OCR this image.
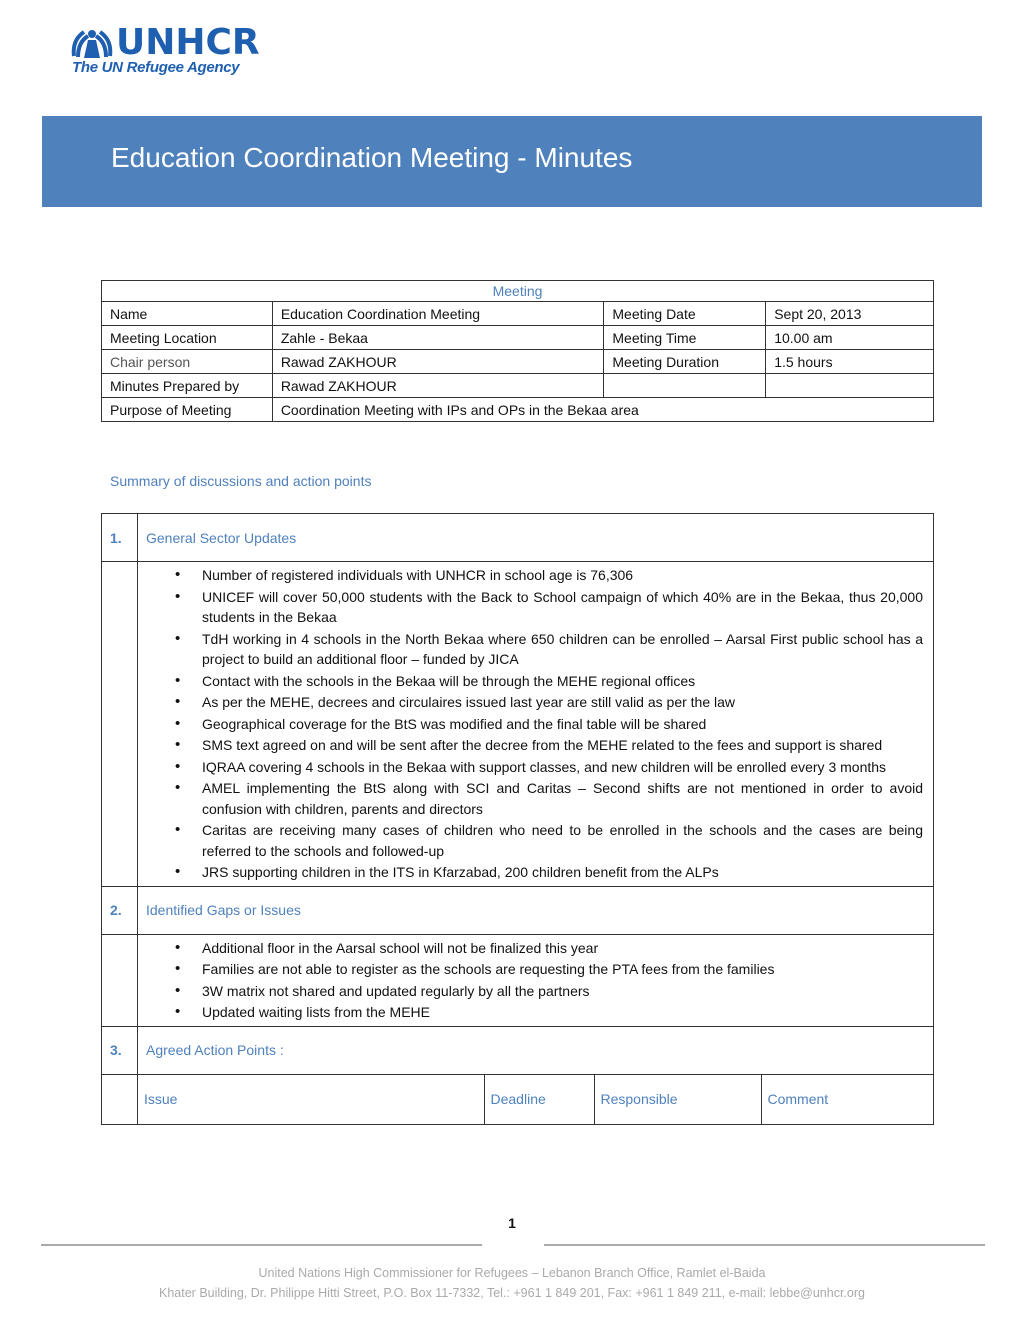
UNHCR
The UN Refugee Agency
Education Coordination Meeting - Minutes
Meeting			
Name	Education Coordination Meeting	Meeting Date	Sept 20, 2013
Meeting Location	Zahle - Bekaa	Meeting Time	10.00 am
Chair person	Rawad ZAKHOUR	Meeting Duration	1.5 hours
Minutes Prepared by	Rawad ZAKHOUR		
Purpose of Meeting	Coordination Meeting with IPs and OPs in the Bekaa area		
Summary of discussions and action points
1.	General Sector Updates

• Number of registered individuals with UNHCR in school age is 76,306
• UNICEF will cover 50,000 students with the Back to School campaign of which 40% are in the Bekaa, thus 20,000 students in the Bekaa
• TdH working in 4 schools in the North Bekaa where 650 children can be enrolled – Aarsal First public school has a project to build an additional floor – funded by JICA
• Contact with the schools in the Bekaa will be through the MEHE regional offices
• As per the MEHE, decrees and circulaires issued last year are still valid as per the law
• Geographical coverage for the BtS was modified and the final table will be shared
• SMS text agreed on and will be sent after the decree from the MEHE related to the fees and support is shared
• IQRAA covering 4 schools in the Bekaa with support classes, and new children will be enrolled every 3 months
• AMEL implementing the BtS along with SCI and Caritas – Second shifts are not mentioned in order to avoid confusion with children, parents and directors
• Caritas are receiving many cases of children who need to be enrolled in the schools and the cases are being referred to the schools and followed-up
• JRS supporting children in the ITS in Kfarzabad, 200 children benefit from the ALPs

2.	Identified Gaps or Issues

• Additional floor in the Aarsal school will not be finalized this year
• Families are not able to register as the schools are requesting the PTA fees from the families
• 3W matrix not shared and updated regularly by all the partners
• Updated waiting lists from the MEHE

3.	Agreed Action Points :

Issue	Deadline	Responsible	Comment
1
United Nations High Commissioner for Refugees – Lebanon Branch Office, Ramlet el-Baida
Khater Building, Dr. Philippe Hitti Street, P.O. Box 11-7332, Tel.: +961 1 849 201, Fax: +961 1 849 211, e-mail: lebbe@unhcr.org
